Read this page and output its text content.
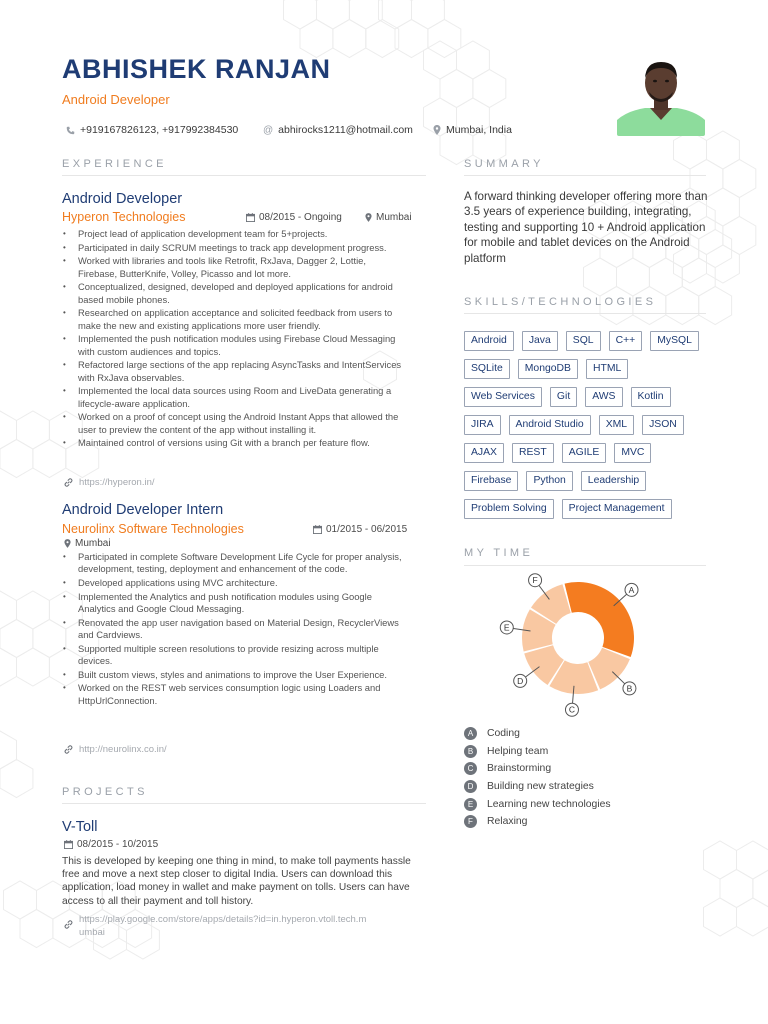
ABHISHEK RANJAN
Android Developer
+919167826123, +917992384530 @ abhirocks1211@hotmail.com	Mumbai, India
EXPERIENCE
Android Developer
Hyperon Technologies	08/2015 - Ongoing	Mumbai
• Project lead of application development team for 5+projects.
• Participated in daily SCRUM meetings to track app development progress.
• Worked with libraries and tools like Retrofit, RxJava, Dagger 2, Lottie, Firebase, ButterKnife, Volley, Picasso and lot more.
• Conceptualized, designed, developed and deployed applications for android based mobile phones.
• Researched on application acceptance and solicited feedback from users to make the new and existing applications more user friendly.
• Implemented the push notification modules using Firebase Cloud Messaging with custom audiences and topics.
• Refactored large sections of the app replacing AsyncTasks and IntentServices with RxJava observables.
• Implemented the local data sources using Room and LiveData generating a lifecycle-aware application.
• Worked on a proof of concept using the Android Instant Apps that allowed the user to preview the content of the app without installing it.
• Maintained control of versions using Git with a branch per feature flow.
https://hyperon.in/
Android Developer Intern
Neurolinx Software Technologies	01/2015 - 06/2015
Mumbai
• Participated in complete Software Development Life Cycle for proper analysis, development, testing, deployment and enhancement of the code.
• Developed applications using MVC architecture.
• Implemented the Analytics and push notification modules using Google Analytics and Google Cloud Messaging.
• Renovated the app user navigation based on Material Design, RecyclerViews and Cardviews.
• Supported multiple screen resolutions to provide resizing across multiple devices.
• Built custom views, styles and animations to improve the User Experience.
• Worked on the REST web services consumption logic using Loaders and HttpUrlConnection.
http://neurolinx.co.in/
PROJECTS
V-Toll
08/2015 - 10/2015
This is developed by keeping one thing in mind, to make toll payments hassle free and move a next step closer to digital India. Users can download this application, load money in wallet and make payment on tolls. Users can have access to all their payment and toll history.
https://play.google.com/store/apps/details?id=in.hyperon.vtoll.tech.m
umbai
SUMMARY
A forward thinking developer offering more than 3.5 years of experience building, integrating, testing and supporting 10 + Android application for mobile and tablet devices on the Android platform
SKILLS/TECHNOLOGIES
Android	Java	SQL	C++	MySQL
SQLite	MongoDB	HTML
Web Services	Git	AWS	Kotlin
JIRA	Android Studio	XML	JSON
AJAX	REST	AGILE	MVC
Firebase	Python	Leadership
Problem Solving	Project Management
MY TIME
A
B
C
D
E
F
A	Coding
B	Helping team
C	Brainstorming
D	Building new strategies
E	Learning new technologies
F	Relaxing
